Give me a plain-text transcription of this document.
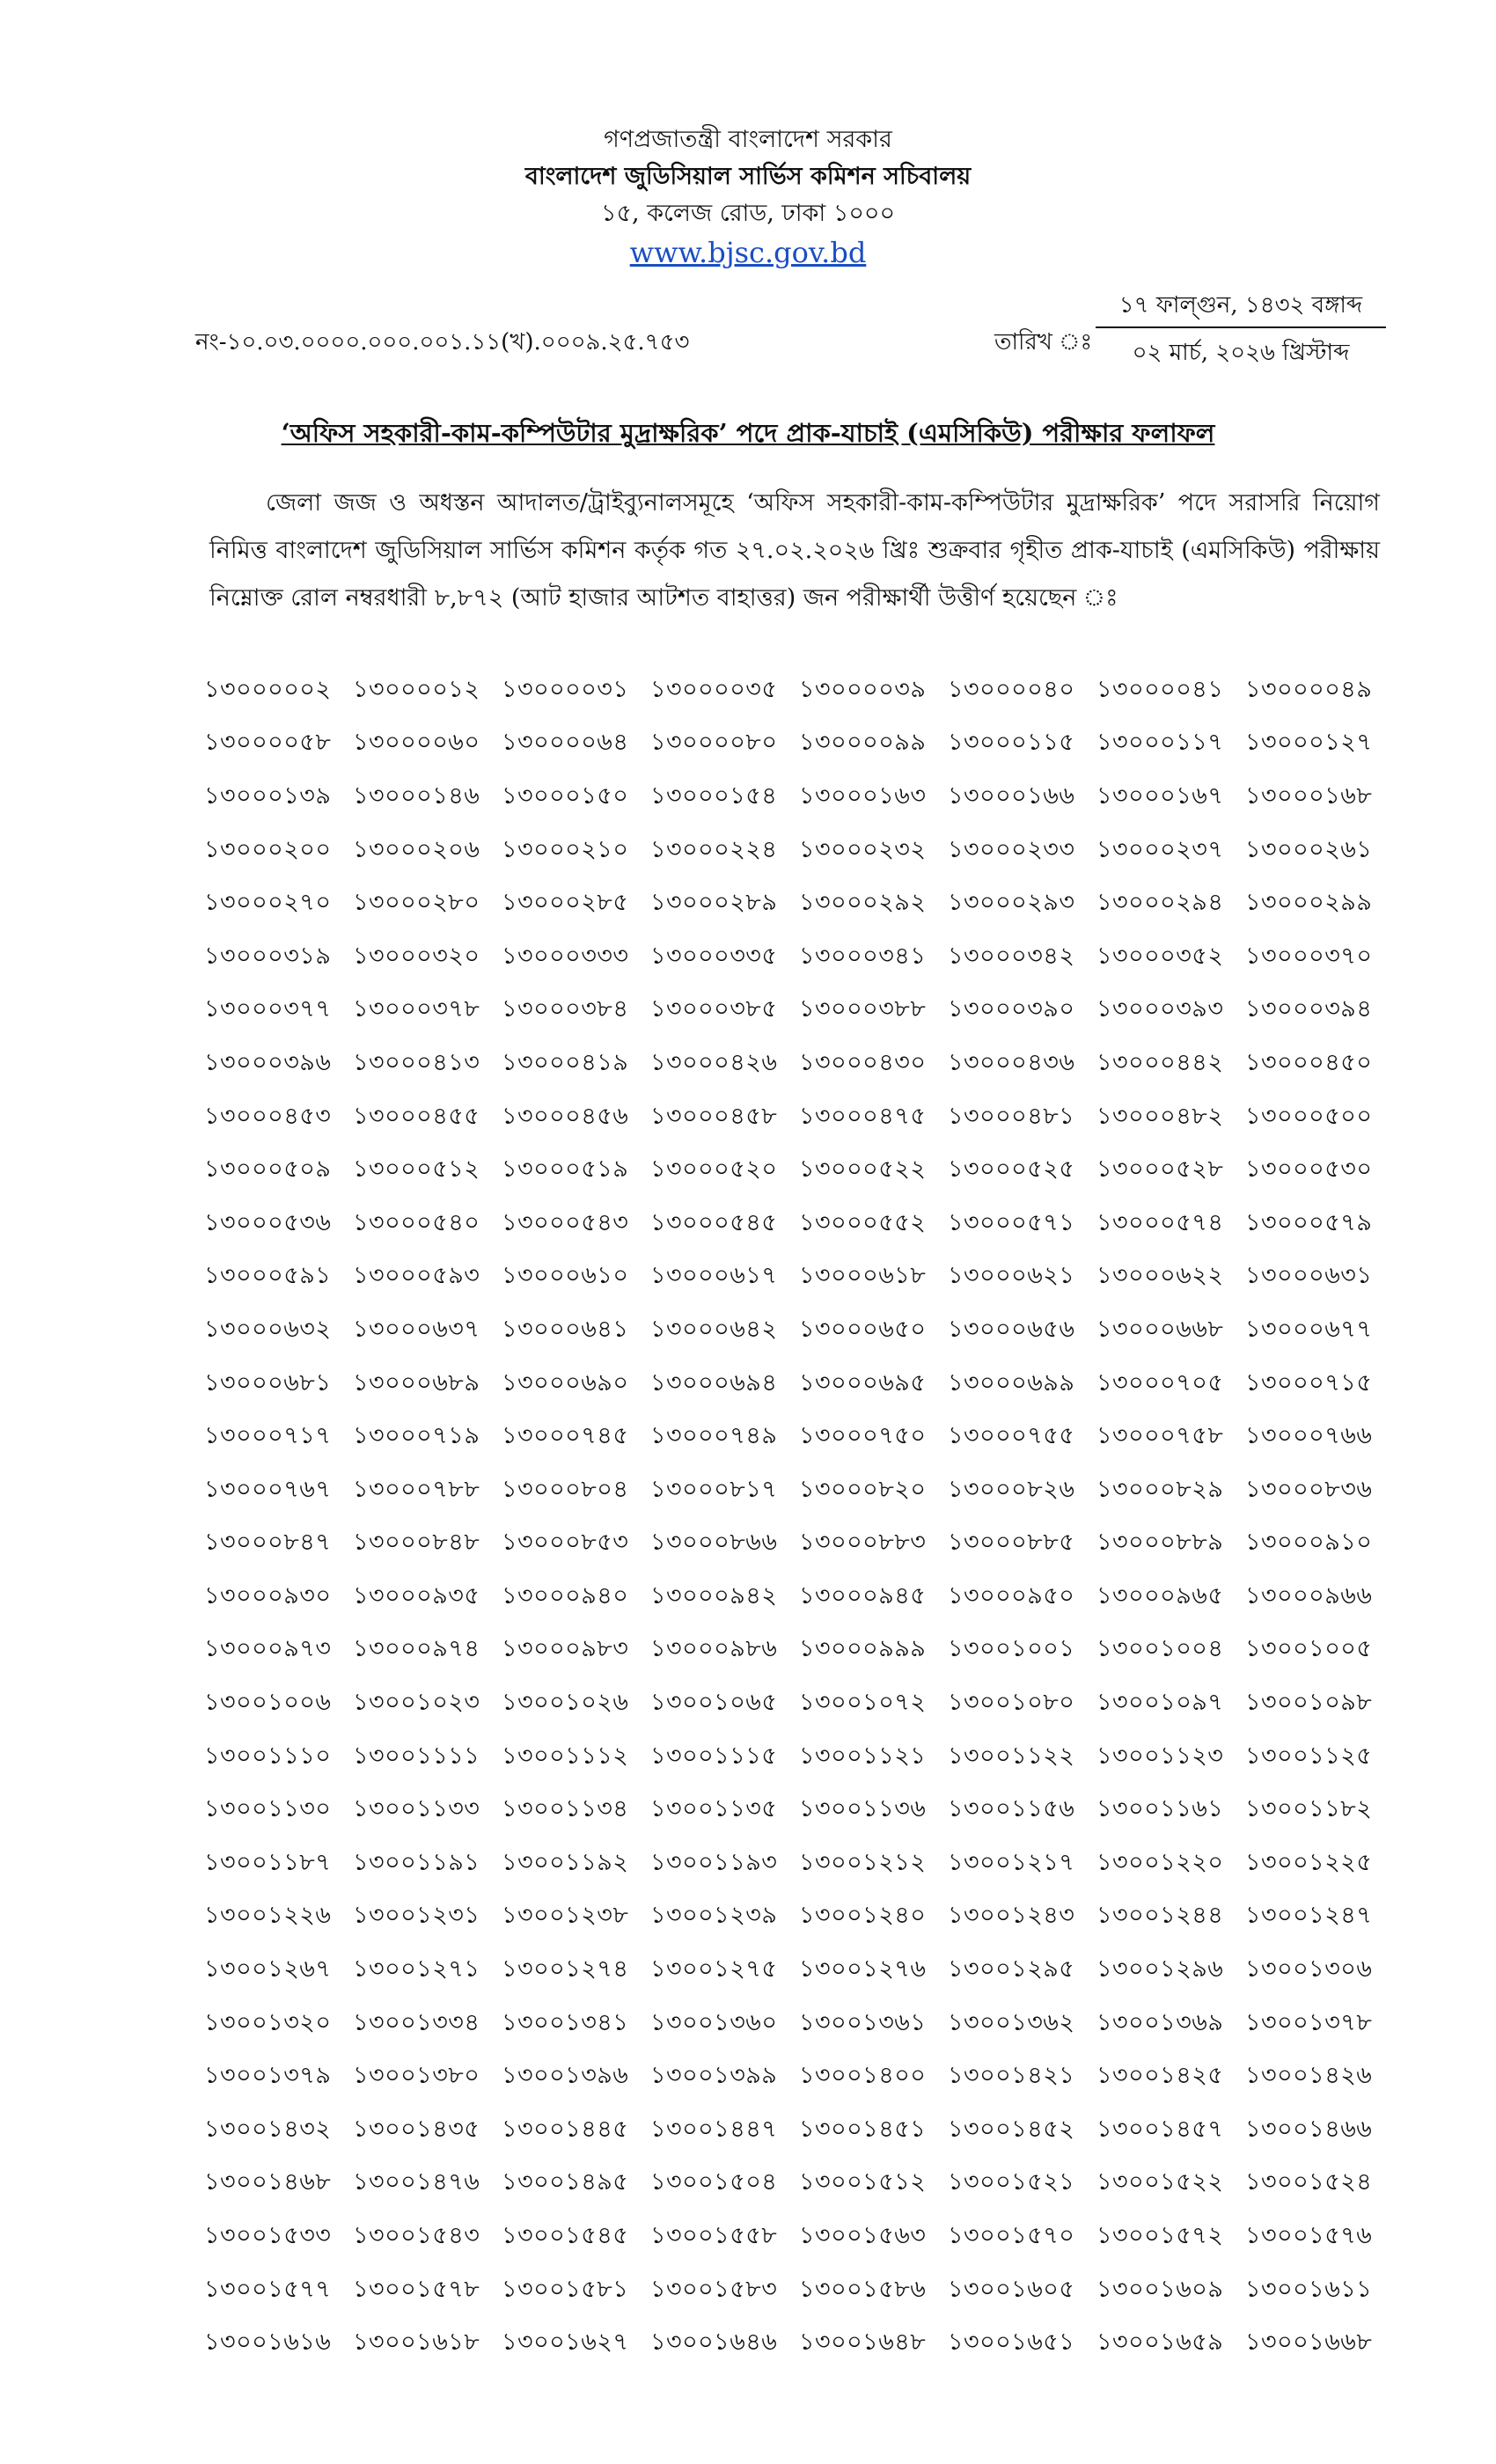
গণপ্রজাতন্ত্রী বাংলাদেশ সরকার
বাংলাদেশ জুডিসিয়াল সার্ভিস কমিশন সচিবালয়
১৫, কলেজ রোড, ঢাকা ১০০০
www.bjsc.gov.bd
নং-১০.০৩.০০০০.০০০.০০১.১১(খ).০০০৯.২৫.৭৫৩	তারিখ ঃ
১৭ ফাল্গুন, ১৪৩২ বঙ্গাব্দ
০২ মার্চ, ২০২৬ খ্রিস্টাব্দ
‘অফিস সহকারী-কাম-কম্পিউটার মুদ্রাক্ষরিক’ পদে প্রাক-যাচাই (এমসিকিউ) পরীক্ষার ফলাফল
জেলা জজ ও অধস্তন আদালত/ট্রাইব্যুনালসমূহে ‘অফিস সহকারী-কাম-কম্পিউটার মুদ্রাক্ষরিক’ পদে সরাসরি নিয়োগ নিমিত্ত বাংলাদেশ জুডিসিয়াল সার্ভিস কমিশন কর্তৃক গত ২৭.০২.২০২৬ খ্রিঃ শুক্রবার গৃহীত প্রাক-যাচাই (এমসিকিউ) পরীক্ষায় নিম্নোক্ত রোল নম্বরধারী ৮,৮৭২ (আট হাজার আটশত বাহাত্তর) জন পরীক্ষার্থী উত্তীর্ণ হয়েছেন ঃ
১৩০০০০০২ ১৩০০০০১২ ১৩০০০০৩১ ১৩০০০০৩৫ ১৩০০০০৩৯ ১৩০০০০৪০ ১৩০০০০৪১ ১৩০০০০৪৯
১৩০০০০৫৮ ১৩০০০০৬০ ১৩০০০০৬৪ ১৩০০০০৮০ ১৩০০০০৯৯ ১৩০০০১১৫ ১৩০০০১১৭ ১৩০০০১২৭
১৩০০০১৩৯ ১৩০০০১৪৬ ১৩০০০১৫০ ১৩০০০১৫৪ ১৩০০০১৬৩ ১৩০০০১৬৬ ১৩০০০১৬৭ ১৩০০০১৬৮
১৩০০০২০০ ১৩০০০২০৬ ১৩০০০২১০ ১৩০০০২২৪ ১৩০০০২৩২ ১৩০০০২৩৩ ১৩০০০২৩৭ ১৩০০০২৬১
১৩০০০২৭০ ১৩০০০২৮০ ১৩০০০২৮৫ ১৩০০০২৮৯ ১৩০০০২৯২ ১৩০০০২৯৩ ১৩০০০২৯৪ ১৩০০০২৯৯
১৩০০০৩১৯ ১৩০০০৩২০ ১৩০০০৩৩৩ ১৩০০০৩৩৫ ১৩০০০৩৪১ ১৩০০০৩৪২ ১৩০০০৩৫২ ১৩০০০৩৭০
১৩০০০৩৭৭ ১৩০০০৩৭৮ ১৩০০০৩৮৪ ১৩০০০৩৮৫ ১৩০০০৩৮৮ ১৩০০০৩৯০ ১৩০০০৩৯৩ ১৩০০০৩৯৪
১৩০০০৩৯৬ ১৩০০০৪১৩ ১৩০০০৪১৯ ১৩০০০৪২৬ ১৩০০০৪৩০ ১৩০০০৪৩৬ ১৩০০০৪৪২ ১৩০০০৪৫০
১৩০০০৪৫৩ ১৩০০০৪৫৫ ১৩০০০৪৫৬ ১৩০০০৪৫৮ ১৩০০০৪৭৫ ১৩০০০৪৮১ ১৩০০০৪৮২ ১৩০০০৫০০
১৩০০০৫০৯ ১৩০০০৫১২ ১৩০০০৫১৯ ১৩০০০৫২০ ১৩০০০৫২২ ১৩০০০৫২৫ ১৩০০০৫২৮ ১৩০০০৫৩০
১৩০০০৫৩৬ ১৩০০০৫৪০ ১৩০০০৫৪৩ ১৩০০০৫৪৫ ১৩০০০৫৫২ ১৩০০০৫৭১ ১৩০০০৫৭৪ ১৩০০০৫৭৯
১৩০০০৫৯১ ১৩০০০৫৯৩ ১৩০০০৬১০ ১৩০০০৬১৭ ১৩০০০৬১৮ ১৩০০০৬২১ ১৩০০০৬২২ ১৩০০০৬৩১
১৩০০০৬৩২ ১৩০০০৬৩৭ ১৩০০০৬৪১ ১৩০০০৬৪২ ১৩০০০৬৫০ ১৩০০০৬৫৬ ১৩০০০৬৬৮ ১৩০০০৬৭৭
১৩০০০৬৮১ ১৩০০০৬৮৯ ১৩০০০৬৯০ ১৩০০০৬৯৪ ১৩০০০৬৯৫ ১৩০০০৬৯৯ ১৩০০০৭০৫ ১৩০০০৭১৫
১৩০০০৭১৭ ১৩০০০৭১৯ ১৩০০০৭৪৫ ১৩০০০৭৪৯ ১৩০০০৭৫০ ১৩০০০৭৫৫ ১৩০০০৭৫৮ ১৩০০০৭৬৬
১৩০০০৭৬৭ ১৩০০০৭৮৮ ১৩০০০৮০৪ ১৩০০০৮১৭ ১৩০০০৮২০ ১৩০০০৮২৬ ১৩০০০৮২৯ ১৩০০০৮৩৬
১৩০০০৮৪৭ ১৩০০০৮৪৮ ১৩০০০৮৫৩ ১৩০০০৮৬৬ ১৩০০০৮৮৩ ১৩০০০৮৮৫ ১৩০০০৮৮৯ ১৩০০০৯১০
১৩০০০৯৩০ ১৩০০০৯৩৫ ১৩০০০৯৪০ ১৩০০০৯৪২ ১৩০০০৯৪৫ ১৩০০০৯৫০ ১৩০০০৯৬৫ ১৩০০০৯৬৬
১৩০০০৯৭৩ ১৩০০০৯৭৪ ১৩০০০৯৮৩ ১৩০০০৯৮৬ ১৩০০০৯৯৯ ১৩০০১০০১ ১৩০০১০০৪ ১৩০০১০০৫
১৩০০১০০৬ ১৩০০১০২৩ ১৩০০১০২৬ ১৩০০১০৬৫ ১৩০০১০৭২ ১৩০০১০৮০ ১৩০০১০৯৭ ১৩০০১০৯৮
১৩০০১১১০ ১৩০০১১১১ ১৩০০১১১২ ১৩০০১১১৫ ১৩০০১১২১ ১৩০০১১২২ ১৩০০১১২৩ ১৩০০১১২৫
১৩০০১১৩০ ১৩০০১১৩৩ ১৩০০১১৩৪ ১৩০০১১৩৫ ১৩০০১১৩৬ ১৩০০১১৫৬ ১৩০০১১৬১ ১৩০০১১৮২
১৩০০১১৮৭ ১৩০০১১৯১ ১৩০০১১৯২ ১৩০০১১৯৩ ১৩০০১২১২ ১৩০০১২১৭ ১৩০০১২২০ ১৩০০১২২৫
১৩০০১২২৬ ১৩০০১২৩১ ১৩০০১২৩৮ ১৩০০১২৩৯ ১৩০০১২৪০ ১৩০০১২৪৩ ১৩০০১২৪৪ ১৩০০১২৪৭
১৩০০১২৬৭ ১৩০০১২৭১ ১৩০০১২৭৪ ১৩০০১২৭৫ ১৩০০১২৭৬ ১৩০০১২৯৫ ১৩০০১২৯৬ ১৩০০১৩০৬
১৩০০১৩২০ ১৩০০১৩৩৪ ১৩০০১৩৪১ ১৩০০১৩৬০ ১৩০০১৩৬১ ১৩০০১৩৬২ ১৩০০১৩৬৯ ১৩০০১৩৭৮
১৩০০১৩৭৯ ১৩০০১৩৮০ ১৩০০১৩৯৬ ১৩০০১৩৯৯ ১৩০০১৪০০ ১৩০০১৪২১ ১৩০০১৪২৫ ১৩০০১৪২৬
১৩০০১৪৩২ ১৩০০১৪৩৫ ১৩০০১৪৪৫ ১৩০০১৪৪৭ ১৩০০১৪৫১ ১৩০০১৪৫২ ১৩০০১৪৫৭ ১৩০০১৪৬৬
১৩০০১৪৬৮ ১৩০০১৪৭৬ ১৩০০১৪৯৫ ১৩০০১৫০৪ ১৩০০১৫১২ ১৩০০১৫২১ ১৩০০১৫২২ ১৩০০১৫২৪
১৩০০১৫৩৩ ১৩০০১৫৪৩ ১৩০০১৫৪৫ ১৩০০১৫৫৮ ১৩০০১৫৬৩ ১৩০০১৫৭০ ১৩০০১৫৭২ ১৩০০১৫৭৬
১৩০০১৫৭৭ ১৩০০১৫৭৮ ১৩০০১৫৮১ ১৩০০১৫৮৩ ১৩০০১৫৮৬ ১৩০০১৬০৫ ১৩০০১৬০৯ ১৩০০১৬১১
১৩০০১৬১৬ ১৩০০১৬১৮ ১৩০০১৬২৭ ১৩০০১৬৪৬ ১৩০০১৬৪৮ ১৩০০১৬৫১ ১৩০০১৬৫৯ ১৩০০১৬৬৮
